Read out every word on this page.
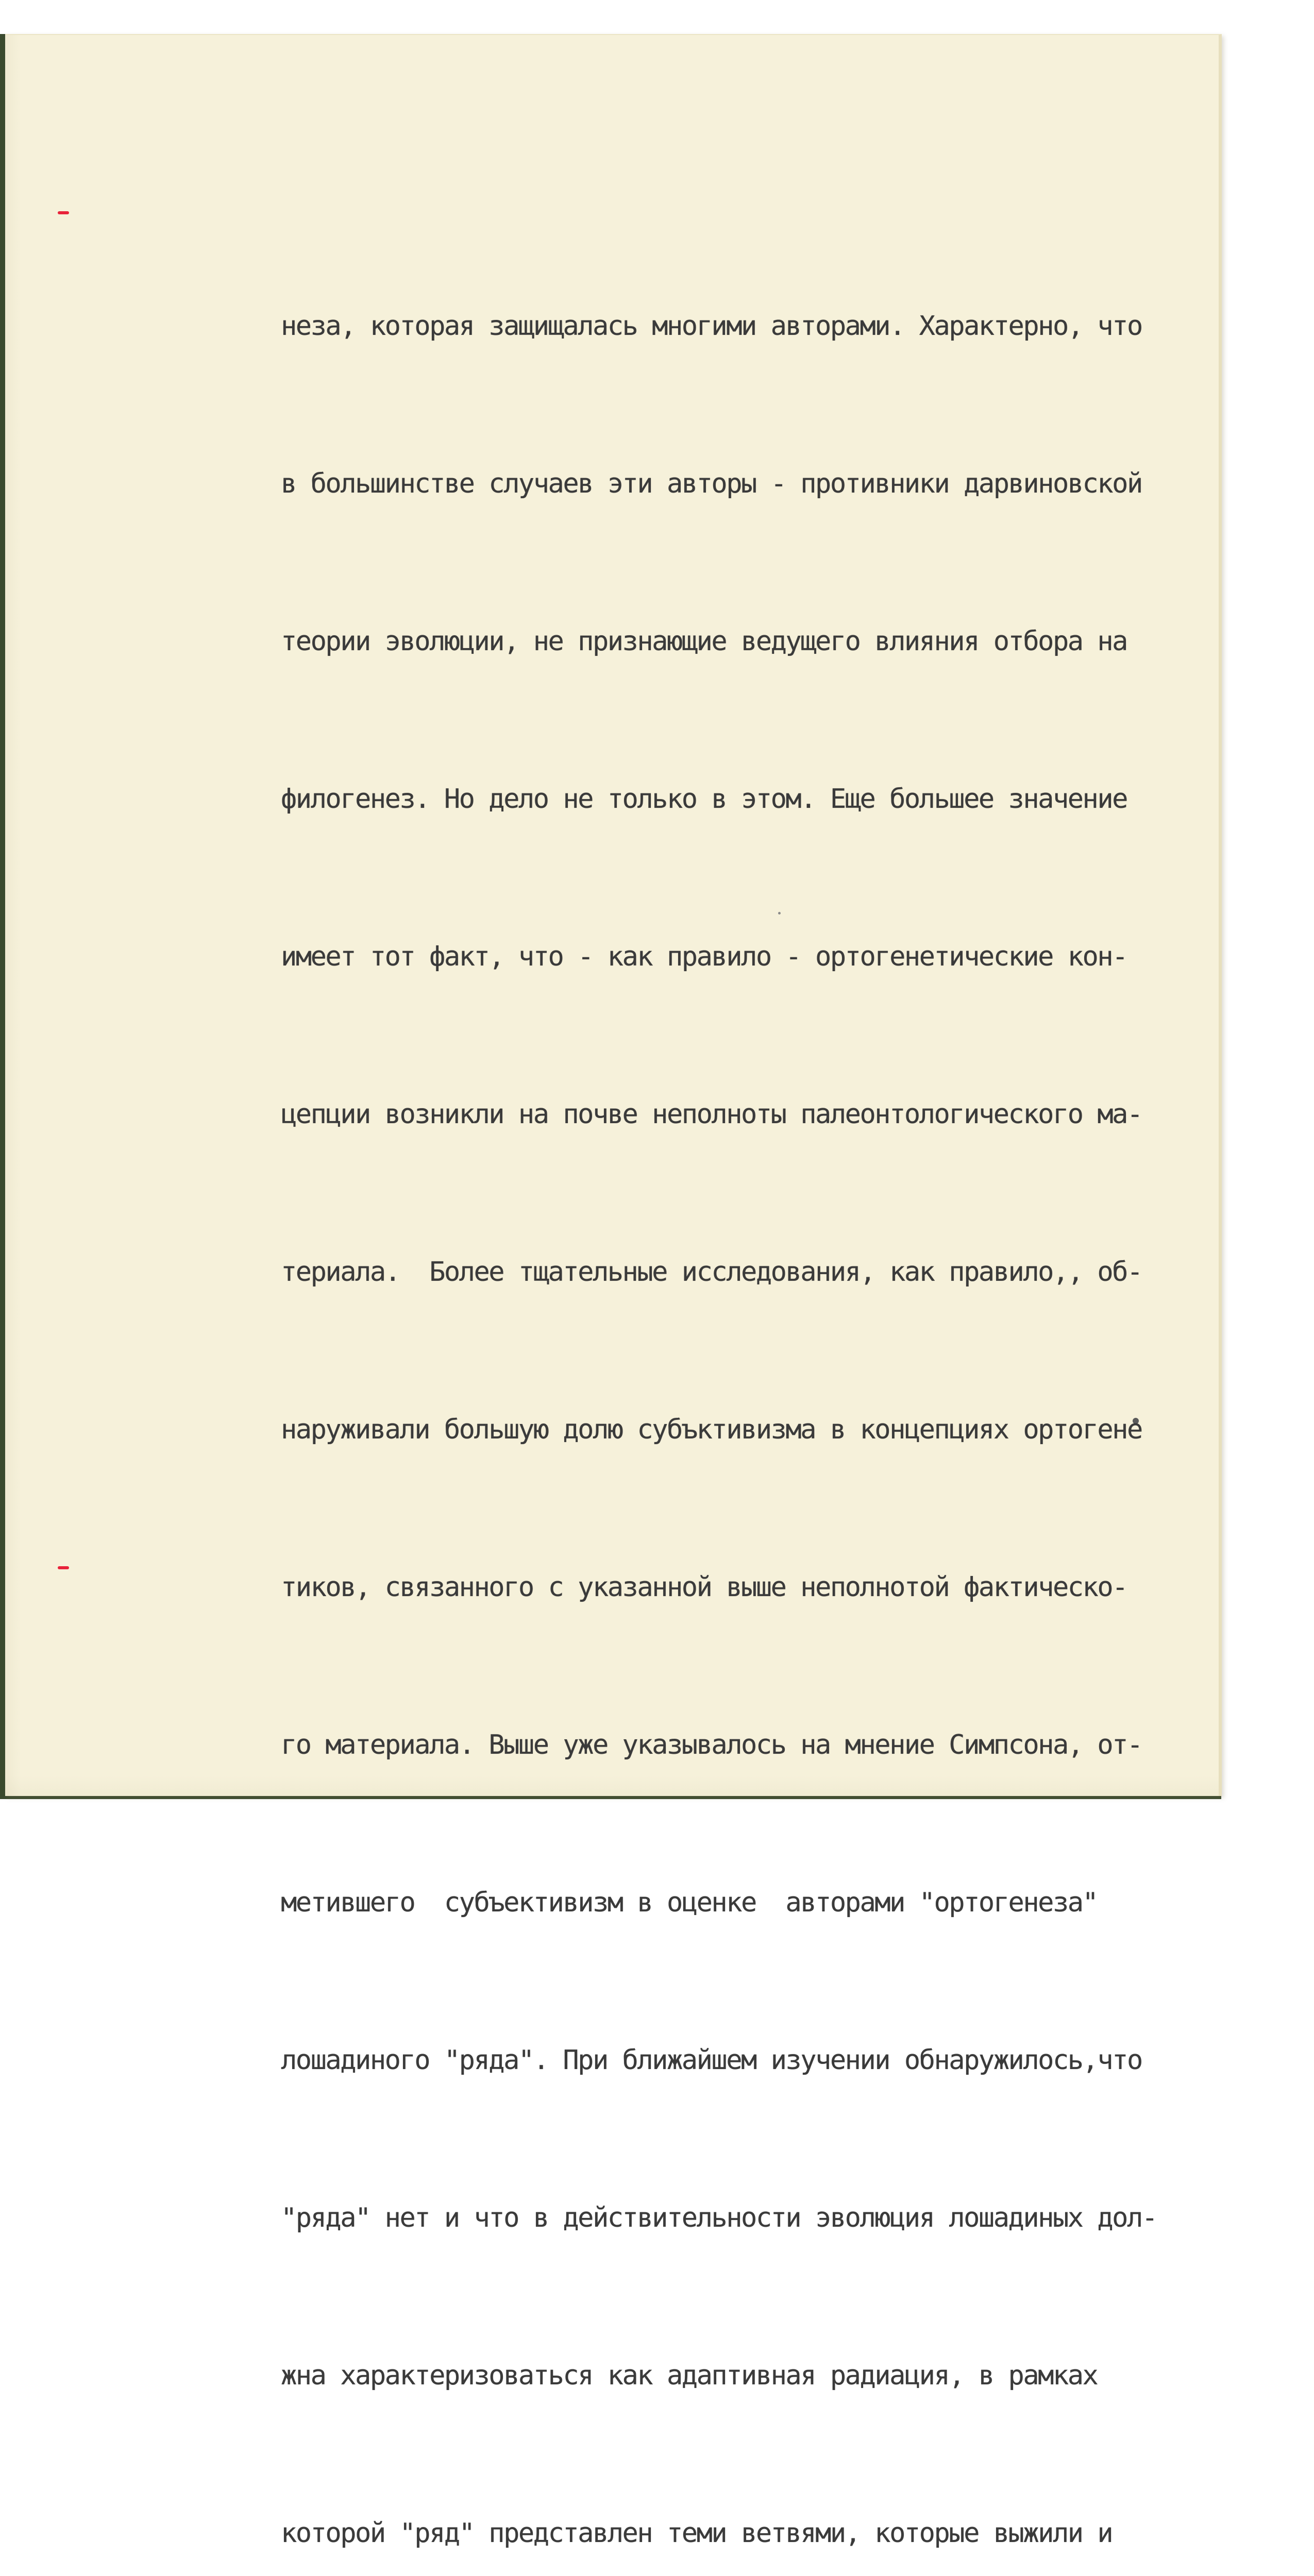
неза, которая защищалась многими авторами. Характерно, что

в большинстве случаев эти авторы - противники дарвиновской

теории эволюции, не признающие ведущего влияния отбора на

филогенез. Но дело не только в этом. Еще большее значение

имеет тот факт, что - как правило - ортогенетические кон-

цепции возникли на почве неполноты палеонтологического ма-

териала.  Более тщательные исследования, как правило,, об-

наруживали большую долю субъктивизма в концепциях ортогене

тиков, связанного с указанной выше неполнотой фактическо-

го материала. Выше уже указывалось на мнение Симпсона, от-

метившего  субъективизм в оценке  авторами "ортогенеза"

лошадиного "ряда". При ближайшем изучении обнаружилось,что

"ряда" нет и что в действительности эволюция лошадиных дол-

жна характеризоваться как адаптивная радиация, в рамках

которой "ряд" представлен теми ветвями, которые выжили и
